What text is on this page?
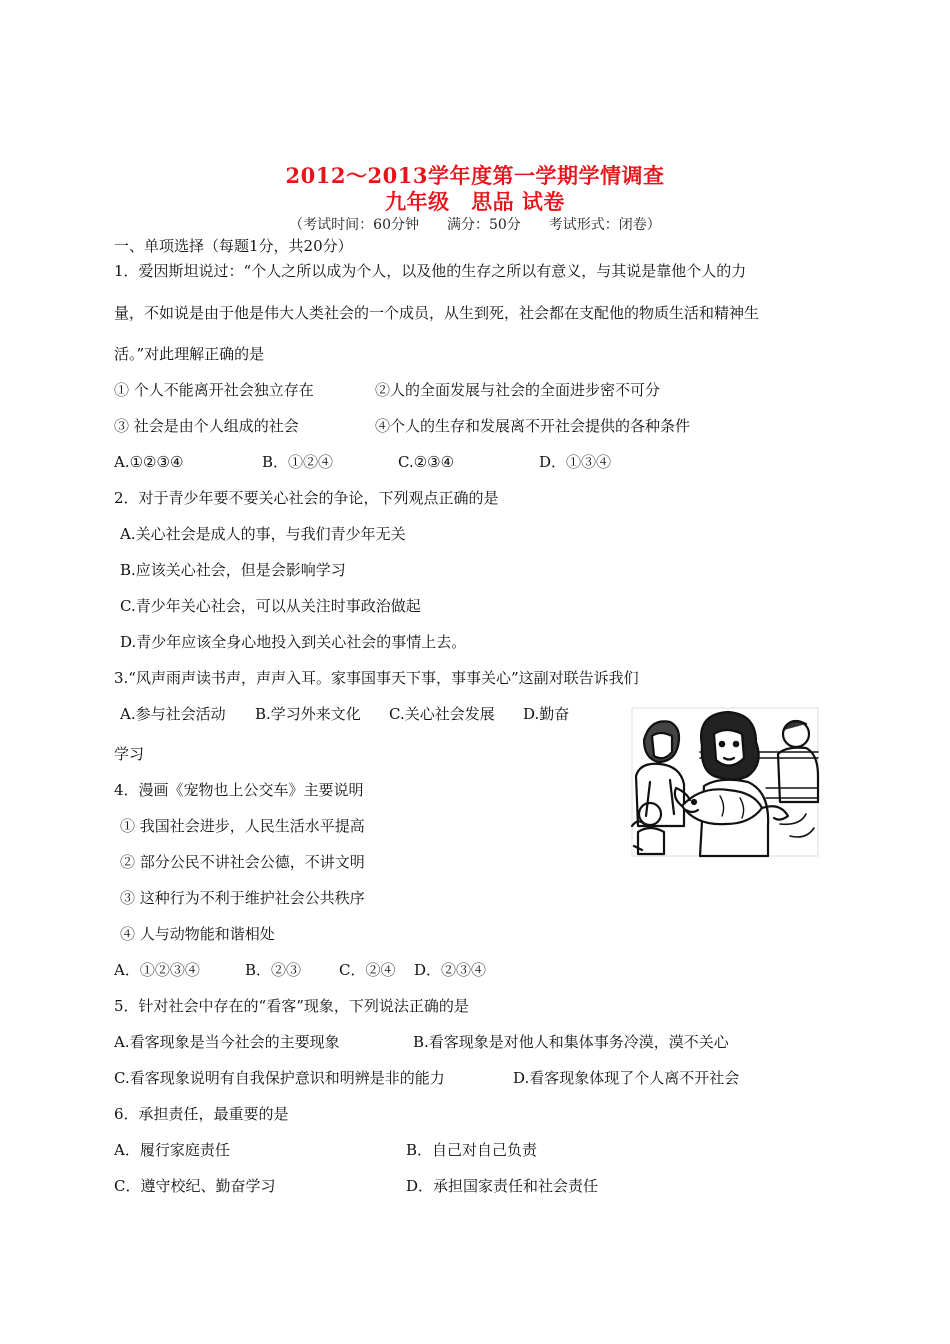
2012～2013学年度第一学期学情调查
九年级　思品 试卷
（考试时间：60分钟　　满分：50分　　考试形式：闭卷）
一、单项选择（每题1分，共20分）
1．爱因斯坦说过：“个人之所以成为个人，以及他的生存之所以有意义，与其说是靠他个人的力
量，不如说是由于他是伟大人类社会的一个成员，从生到死，社会都在支配他的物质生活和精神生
活。”对此理解正确的是
① 个人不能离开社会独立存在	②人的全面发展与社会的全面进步密不可分
③ 社会是由个人组成的社会	④个人的生存和发展离不开社会提供的各种条件
A.①②③④	B．①②④	C.②③④	D．①③④
2．对于青少年要不要关心社会的争论，下列观点正确的是
A.关心社会是成人的事，与我们青少年无关
B.应该关心社会，但是会影响学习
C.青少年关心社会，可以从关注时事政治做起
D.青少年应该全身心地投入到关心社会的事情上去。
3.“风声雨声读书声，声声入耳。家事国事天下事，事事关心”这副对联告诉我们
A.参与社会活动 B.学习外来文化 C.关心社会发展 D.勤奋
学习
4．漫画《宠物也上公交车》主要说明
① 我国社会进步，人民生活水平提高
② 部分公民不讲社会公德，不讲文明
③ 这种行为不利于维护社会公共秩序
④ 人与动物能和谐相处
A．①②③④	B．②③	C．②④ D．②③④
5．针对社会中存在的“看客”现象，下列说法正确的是
A.看客现象是当今社会的主要现象	B.看客现象是对他人和集体事务冷漠，漠不关心
C.看客现象说明有自我保护意识和明辨是非的能力	D.看客现象体现了个人离不开社会
6．承担责任，最重要的是
A．履行家庭责任	B．自己对自己负责
C．遵守校纪、勤奋学习	D．承担国家责任和社会责任
